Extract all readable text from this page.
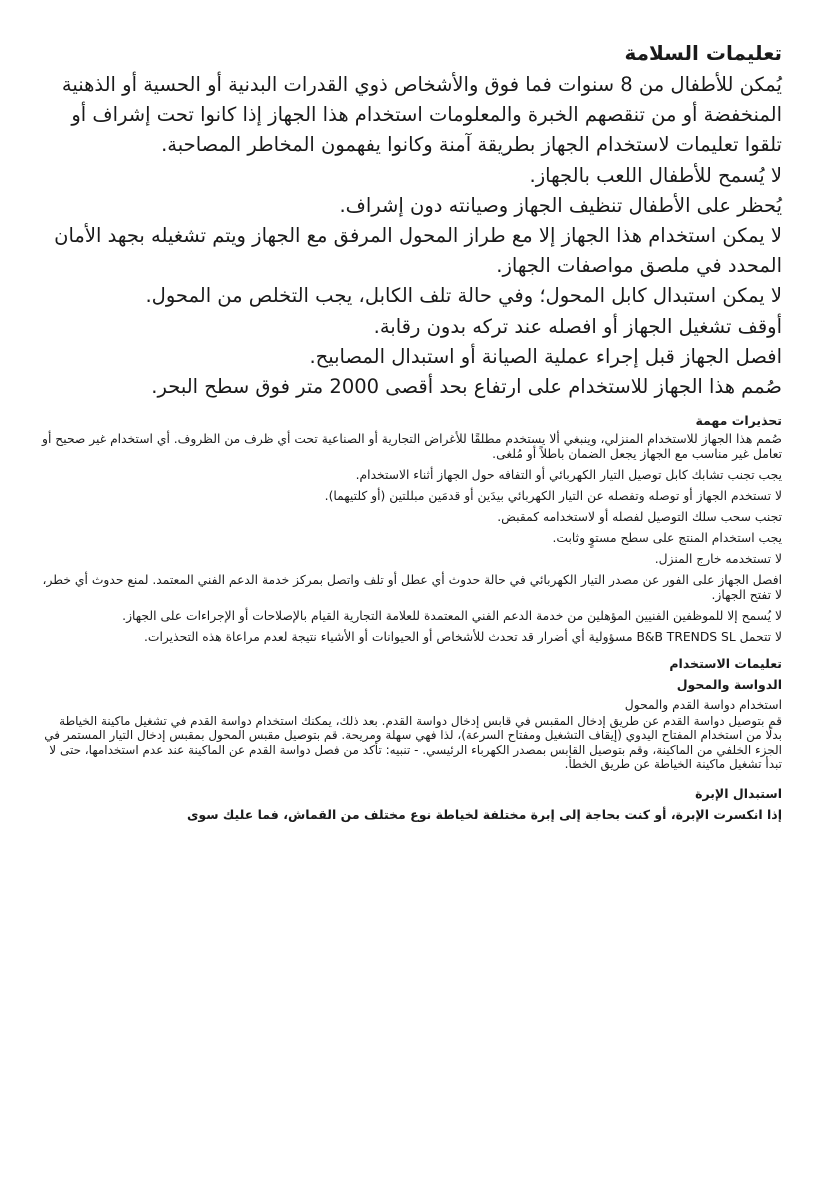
تعليمات السلامة

يُمكن للأطفال من 8 سنوات فما فوق والأشخاص ذوي القدرات البدنية أو الحسية أو الذهنية المنخفضة أو من تنقصهم الخبرة والمعلومات استخدام هذا الجهاز إذا كانوا تحت إشراف أو تلقوا تعليمات لاستخدام الجهاز بطريقة آمنة وكانوا يفهمون المخاطر المصاحبة.

لا يُسمح للأطفال اللعب بالجهاز.

يُحظر على الأطفال تنظيف الجهاز وصيانته دون إشراف.

لا يمكن استخدام هذا الجهاز إلا مع طراز المحول المرفق مع الجهاز ويتم تشغيله بجهد الأمان المحدد في ملصق مواصفات الجهاز.

لا يمكن استبدال كابل المحول؛ وفي حالة تلف الكابل، يجب التخلص من المحول.

أوقف تشغيل الجهاز أو افصله عند تركه بدون رقابة.

افصل الجهاز قبل إجراء عملية الصيانة أو استبدال المصابيح.

صُمم هذا الجهاز للاستخدام على ارتفاع بحد أقصى 2000 متر فوق سطح البحر.

تحذيرات مهمة

صُمم هذا الجهاز للاستخدام المنزلي، وينبغي ألا يستخدم مطلقًا للأغراض التجارية أو الصناعية تحت أي ظرف من الظروف. أي استخدام غير صحيح أو تعامل غير مناسب مع الجهاز يجعل الضمان باطلاً أو مُلغى.

يجب تجنب تشابك كابل توصيل التيار الكهربائي أو التفافه حول الجهاز أثناء الاستخدام.

لا تستخدم الجهاز أو توصله وتفصله عن التيار الكهربائي بيدَين أو قدمَين مبللتين (أو كلتيهما).

تجنب سحب سلك التوصيل لفصله أو لاستخدامه كمقبض.

يجب استخدام المنتج على سطح مستوٍ وثابت.

لا تستخدمه خارج المنزل.

افصل الجهاز على الفور عن مصدر التيار الكهربائي في حالة حدوث أي عطل أو تلف واتصل بمركز خدمة الدعم الفني المعتمد. لمنع حدوث أي خطر، لا تفتح الجهاز.

لا يُسمح إلا للموظفين الفنيين المؤهلين من خدمة الدعم الفني المعتمدة للعلامة التجارية القيام بالإصلاحات أو الإجراءات على الجهاز.

لا تتحمل B&B TRENDS SL مسؤولية أي أضرار قد تحدث للأشخاص أو الحيوانات أو الأشياء نتيجة لعدم مراعاة هذه التحذيرات.

تعليمات الاستخدام
الدواسة والمحول

استخدام دواسة القدم والمحول

قم بتوصيل دواسة القدم عن طريق إدخال المقبس في قابس إدخال دواسة القدم. بعد ذلك، يمكنك استخدام دواسة القدم في تشغيل ماكينة الخياطة بدلًا من استخدام المفتاح اليدوي (إيقاف التشغيل ومفتاح السرعة)، لذا فهي سهلة ومريحة. قم بتوصيل مقبس المحول بمقبس إدخال التيار المستمر في الجزء الخلفي من الماكينة، وقم بتوصيل القابس بمصدر الكهرباء الرئيسي. - تنبيه: تأكد من فصل دواسة القدم عن الماكينة عند عدم استخدامها، حتى لا تبدأ تشغيل ماكينة الخياطة عن طريق الخطأ.

استبدال الإبرة

إذا انكسرت الإبرة، أو كنت بحاجة إلى إبرة مختلفة لخياطة نوع مختلف من القماش، فما عليك سوى
